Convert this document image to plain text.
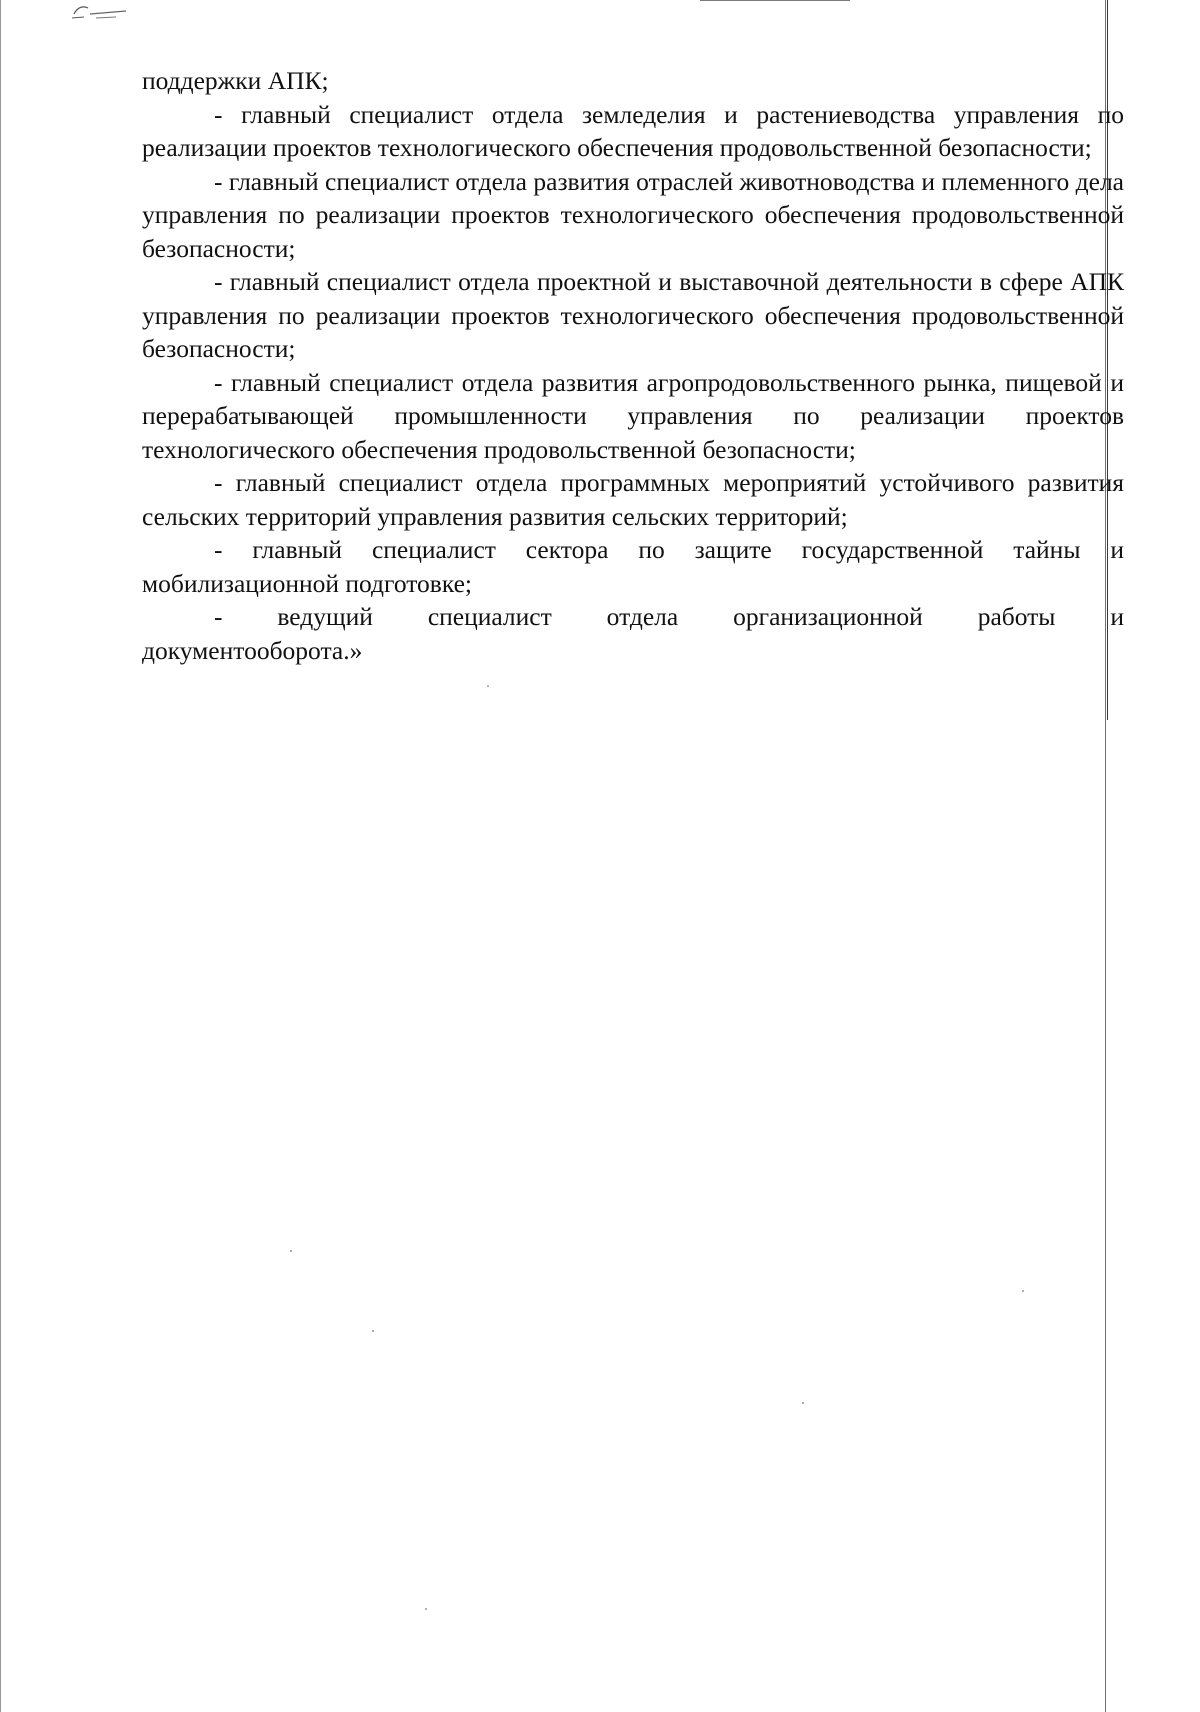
поддержки АПК;

- главный специалист отдела земледелия и растениеводства управления по реализации проектов технологического обеспечения продовольственной безопасности;

- главный специалист отдела развития отраслей животноводства и племенного дела управления по реализации проектов технологического обеспечения продовольственной безопасности;

- главный специалист отдела проектной и выставочной деятельности в сфере АПК управления по реализации проектов технологического обеспечения продовольственной безопасности;

- главный специалист отдела развития агропродовольственного рынка, пищевой и перерабатывающей промышленности управления по реализации проектов технологического обеспечения продовольственной безопасности;

- главный специалист отдела программных мероприятий устойчивого развития сельских территорий управления развития сельских территорий;

- главный специалист сектора по защите государственной тайны и мобилизационной подготовке;

- ведущий специалист отдела организационной работы и
документооборота.»
